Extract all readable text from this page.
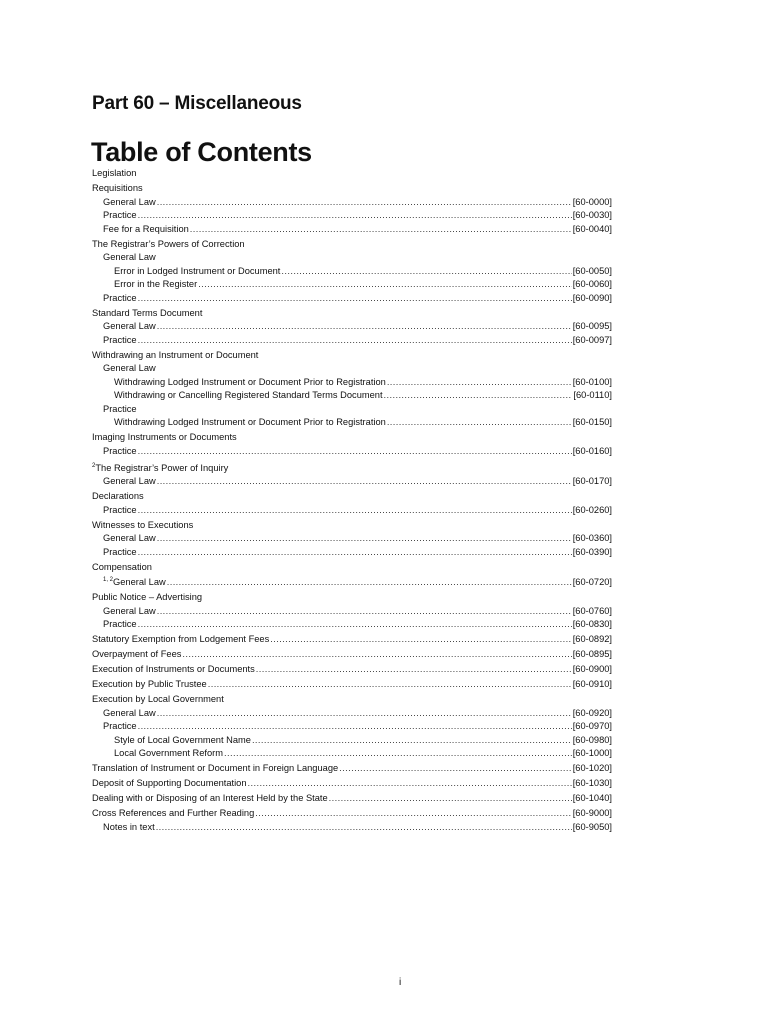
Part 60 – Miscellaneous
Table of Contents
Legislation
Requisitions
General Law .....	[60-0000]
Practice .....	[60-0030]
Fee for a Requisition .....	[60-0040]
The Registrar’s Powers of Correction
General Law
Error in Lodged Instrument or Document .....	[60-0050]
Error in the Register .....	[60-0060]
Practice .....	[60-0090]
Standard Terms Document
General Law .....	[60-0095]
Practice .....	[60-0097]
Withdrawing an Instrument or Document
General Law
Withdrawing Lodged Instrument or Document Prior to Registration .....	[60-0100]
Withdrawing or Cancelling Registered Standard Terms Document .....	[60-0110]
Practice
Withdrawing Lodged Instrument or Document Prior to Registration .....	[60-0150]
Imaging Instruments or Documents
Practice .....	[60-0160]
$^2$The Registrar’s Power of Inquiry
General Law .....	[60-0170]
Declarations
Practice .....	[60-0260]
Witnesses to Executions
General Law .....	[60-0360]
Practice .....	[60-0390]
Compensation
$^{1, 2}$General Law .....	[60-0720]
Public Notice – Advertising
General Law .....	[60-0760]
Practice .....	[60-0830]
Statutory Exemption from Lodgement Fees .....	[60-0892]
Overpayment of Fees .....	[60-0895]
Execution of Instruments or Documents .....	[60-0900]
Execution by Public Trustee .....	[60-0910]
Execution by Local Government
General Law .....	[60-0920]
Practice .....	[60-0970]
Style of Local Government Name .....	[60-0980]
Local Government Reform .....	[60-1000]
Translation of Instrument or Document in Foreign Language .....	[60-1020]
Deposit of Supporting Documentation .....	[60-1030]
Dealing with or Disposing of an Interest Held by the State .....	[60-1040]
Cross References and Further Reading .....	[60-9000]
Notes in text .....	[60-9050]
i
